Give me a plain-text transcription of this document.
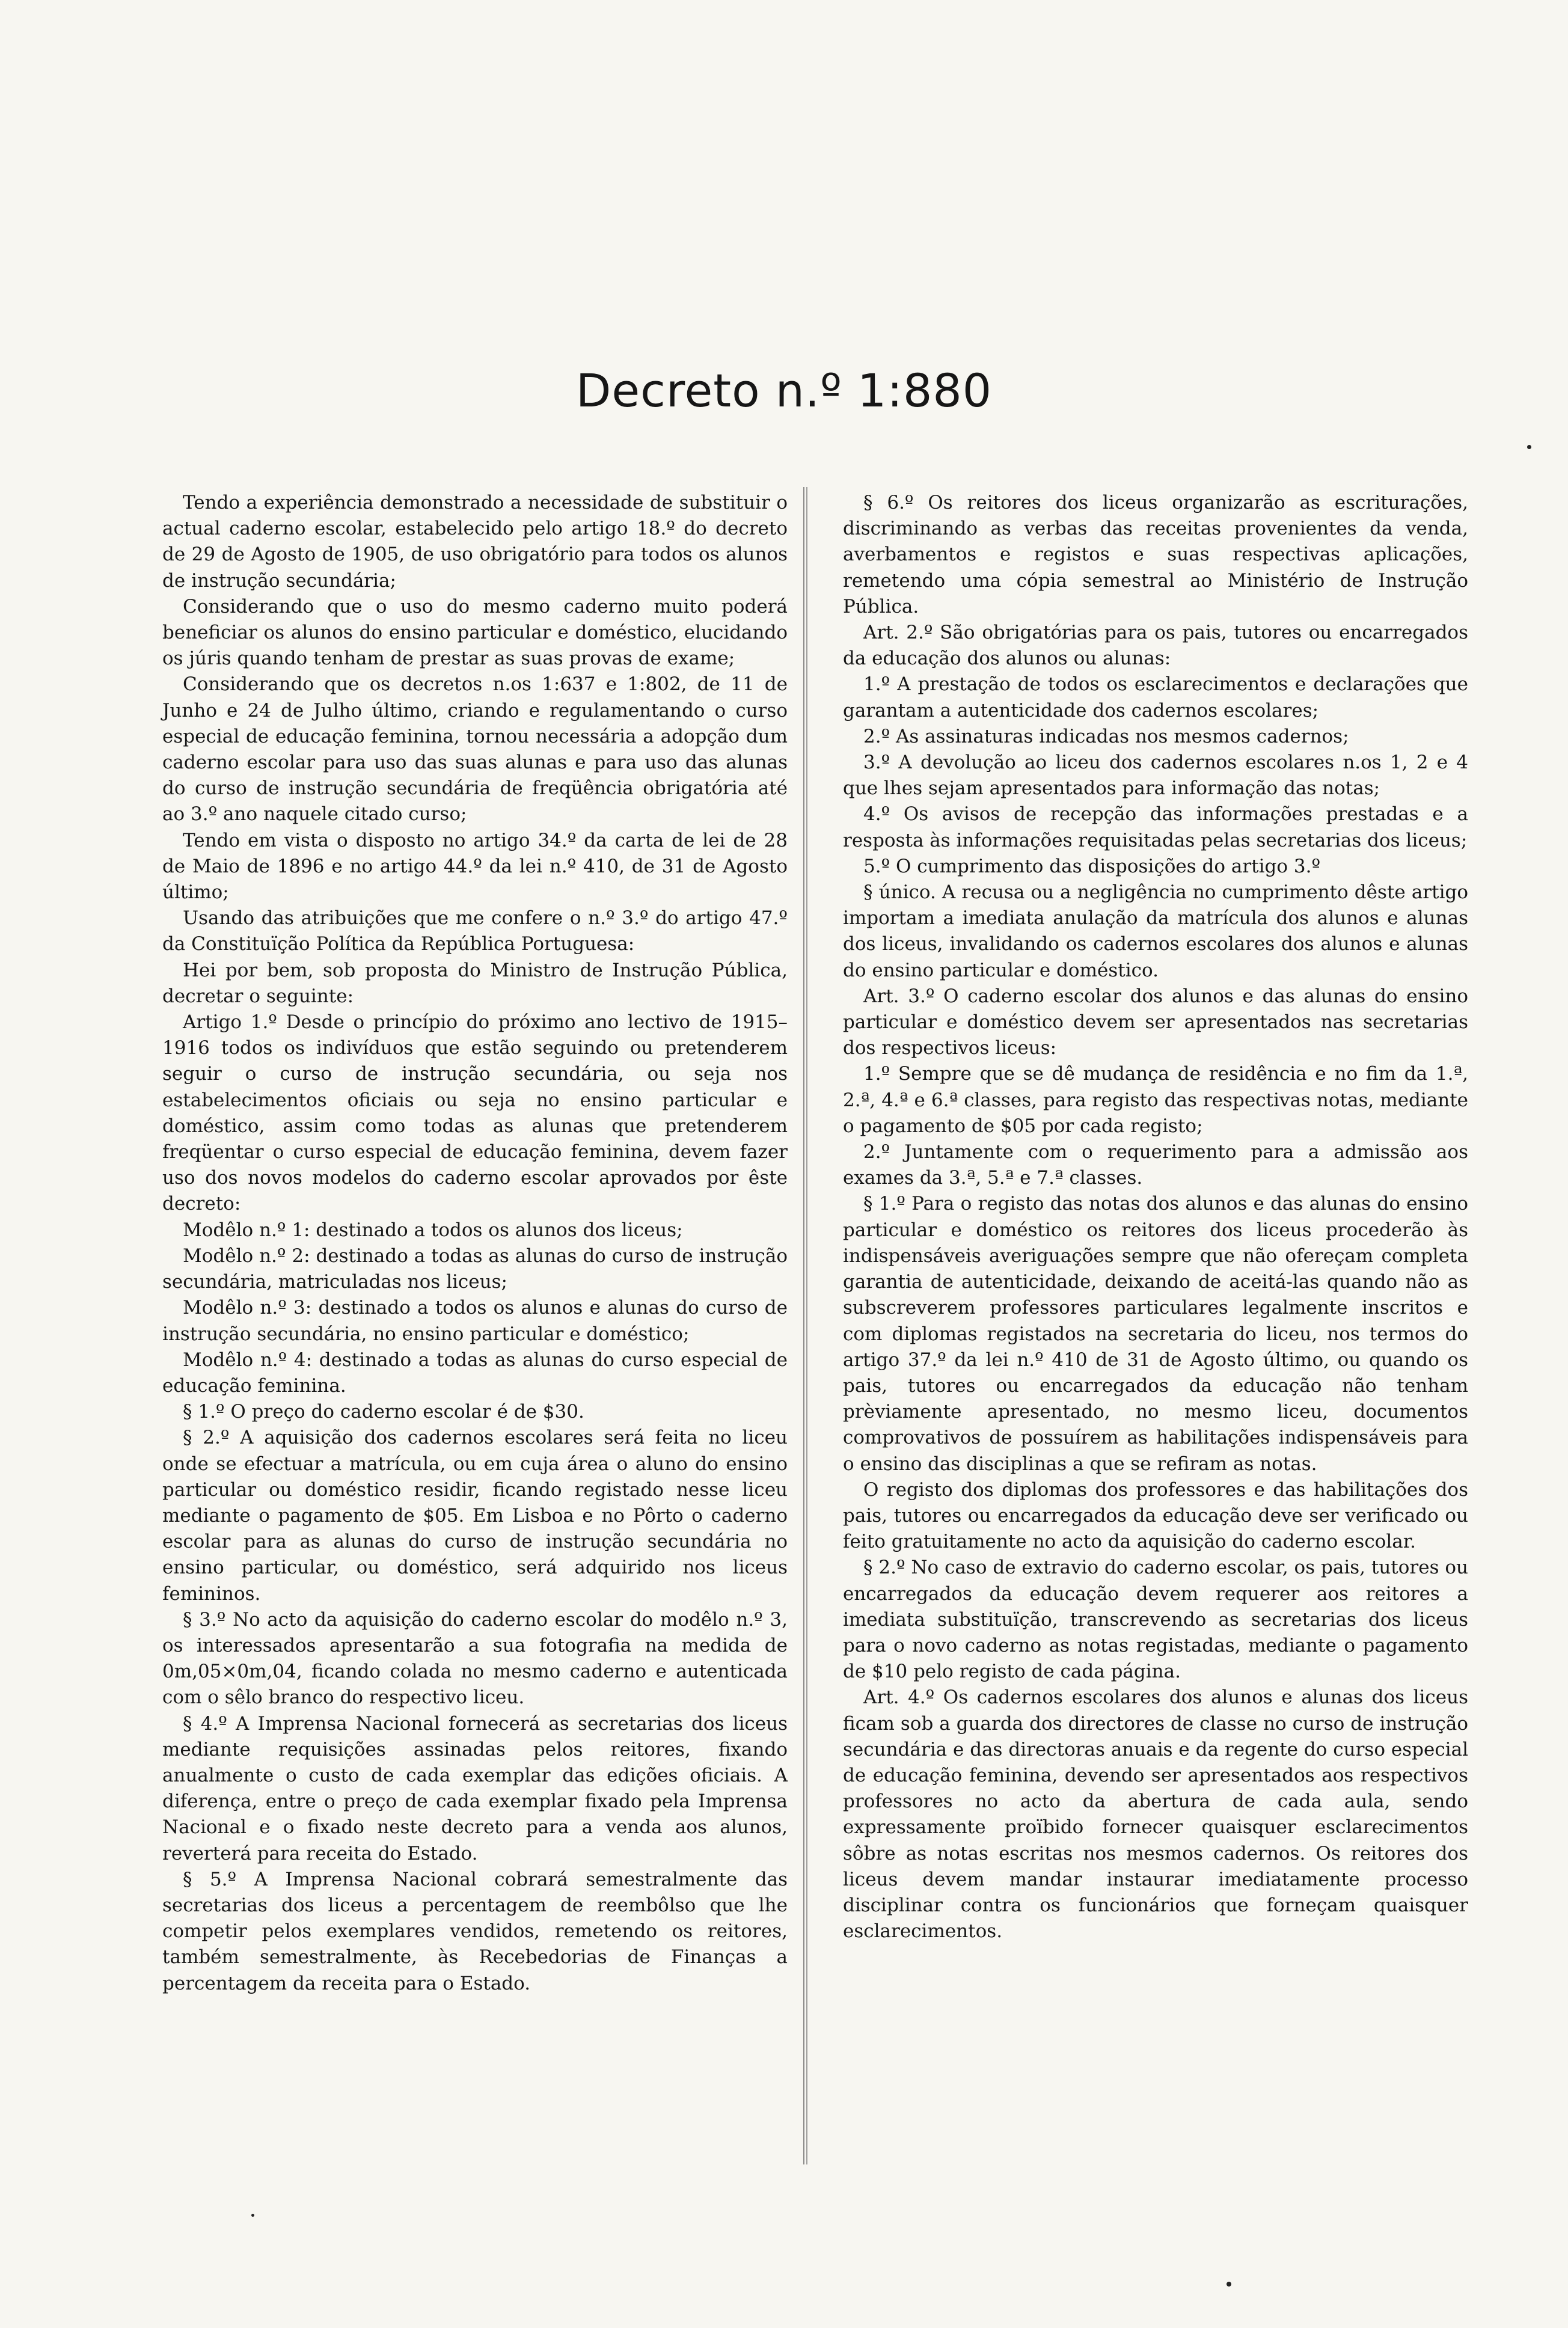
Decreto n.º 1:880

Tendo a experiência demonstrado a necessidade de substituir o actual caderno escolar, estabelecido pelo artigo 18.º do decreto de 29 de Agosto de 1905, de uso obrigatório para todos os alunos de instrução secundária;

Considerando que o uso do mesmo caderno muito poderá beneficiar os alunos do ensino particular e doméstico, elucidando os júris quando tenham de prestar as suas provas de exame;

Considerando que os decretos n.os 1:637 e 1:802, de 11 de Junho e 24 de Julho último, criando e regulamentando o curso especial de educação feminina, tornou necessária a adopção dum caderno escolar para uso das suas alunas e para uso das alunas do curso de instrução secundária de freqüência obrigatória até ao 3.º ano naquele citado curso;

Tendo em vista o disposto no artigo 34.º da carta de lei de 28 de Maio de 1896 e no artigo 44.º da lei n.º 410, de 31 de Agosto último;

Usando das atribuições que me confere o n.º 3.º do artigo 47.º da Constituïção Política da República Portuguesa:

Hei por bem, sob proposta do Ministro de Instrução Pública, decretar o seguinte:

Artigo 1.º Desde o princípio do próximo ano lectivo de 1915–1916 todos os indivíduos que estão seguindo ou pretenderem seguir o curso de instrução secundária, ou seja nos estabelecimentos oficiais ou seja no ensino particular e doméstico, assim como todas as alunas que pretenderem freqüentar o curso especial de educação feminina, devem fazer uso dos novos modelos do caderno escolar aprovados por êste decreto:

Modêlo n.º 1: destinado a todos os alunos dos liceus;

Modêlo n.º 2: destinado a todas as alunas do curso de instrução secundária, matriculadas nos liceus;

Modêlo n.º 3: destinado a todos os alunos e alunas do curso de instrução secundária, no ensino particular e doméstico;

Modêlo n.º 4: destinado a todas as alunas do curso especial de educação feminina.

§ 1.º O preço do caderno escolar é de $30.

§ 2.º A aquisição dos cadernos escolares será feita no liceu onde se efectuar a matrícula, ou em cuja área o aluno do ensino particular ou doméstico residir, ficando registado nesse liceu mediante o pagamento de $05. Em Lisboa e no Pôrto o caderno escolar para as alunas do curso de instrução secundária no ensino particular, ou doméstico, será adquirido nos liceus femininos.

§ 3.º No acto da aquisição do caderno escolar do modêlo n.º 3, os interessados apresentarão a sua fotografia na medida de 0m,05×0m,04, ficando colada no mesmo caderno e autenticada com o sêlo branco do respectivo liceu.

§ 4.º A Imprensa Nacional fornecerá as secretarias dos liceus mediante requisições assinadas pelos reitores, fixando anualmente o custo de cada exemplar das edições oficiais. A diferença, entre o preço de cada exemplar fixado pela Imprensa Nacional e o fixado neste decreto para a venda aos alunos, reverterá para receita do Estado.

§ 5.º A Imprensa Nacional cobrará semestralmente das secretarias dos liceus a percentagem de reembôlso que lhe competir pelos exemplares vendidos, remetendo os reitores, também semestralmente, às Recebedorias de Finanças a percentagem da receita para o Estado.

§ 6.º Os reitores dos liceus organizarão as escriturações, discriminando as verbas das receitas provenientes da venda, averbamentos e registos e suas respectivas aplicações, remetendo uma cópia semestral ao Ministério de Instrução Pública.

Art. 2.º São obrigatórias para os pais, tutores ou encarregados da educação dos alunos ou alunas:

1.º A prestação de todos os esclarecimentos e declarações que garantam a autenticidade dos cadernos escolares;

2.º As assinaturas indicadas nos mesmos cadernos;

3.º A devolução ao liceu dos cadernos escolares n.os 1, 2 e 4 que lhes sejam apresentados para informação das notas;

4.º Os avisos de recepção das informações prestadas e a resposta às informações requisitadas pelas secretarias dos liceus;

5.º O cumprimento das disposições do artigo 3.º

§ único. A recusa ou a negligência no cumprimento dêste artigo importam a imediata anulação da matrícula dos alunos e alunas dos liceus, invalidando os cadernos escolares dos alunos e alunas do ensino particular e doméstico.

Art. 3.º O caderno escolar dos alunos e das alunas do ensino particular e doméstico devem ser apresentados nas secretarias dos respectivos liceus:

1.º Sempre que se dê mudança de residência e no fim da 1.ª, 2.ª, 4.ª e 6.ª classes, para registo das respectivas notas, mediante o pagamento de $05 por cada registo;

2.º Juntamente com o requerimento para a admissão aos exames da 3.ª, 5.ª e 7.ª classes.

§ 1.º Para o registo das notas dos alunos e das alunas do ensino particular e doméstico os reitores dos liceus procederão às indispensáveis averiguações sempre que não ofereçam completa garantia de autenticidade, deixando de aceitá-las quando não as subscreverem professores particulares legalmente inscritos e com diplomas registados na secretaria do liceu, nos termos do artigo 37.º da lei n.º 410 de 31 de Agosto último, ou quando os pais, tutores ou encarregados da educação não tenham prèviamente apresentado, no mesmo liceu, documentos comprovativos de possuírem as habilitações indispensáveis para o ensino das disciplinas a que se refiram as notas.

O registo dos diplomas dos professores e das habilitações dos pais, tutores ou encarregados da educação deve ser verificado ou feito gratuitamente no acto da aquisição do caderno escolar.

§ 2.º No caso de extravio do caderno escolar, os pais, tutores ou encarregados da educação devem requerer aos reitores a imediata substituïção, transcrevendo as secretarias dos liceus para o novo caderno as notas registadas, mediante o pagamento de $10 pelo registo de cada página.

Art. 4.º Os cadernos escolares dos alunos e alunas dos liceus ficam sob a guarda dos directores de classe no curso de instrução secundária e das directoras anuais e da regente do curso especial de educação feminina, devendo ser apresentados aos respectivos professores no acto da abertura de cada aula, sendo expressamente proïbido fornecer quaisquer esclarecimentos sôbre as notas escritas nos mesmos cadernos. Os reitores dos liceus devem mandar instaurar imediatamente processo disciplinar contra os funcionários que forneçam quaisquer esclarecimentos.
